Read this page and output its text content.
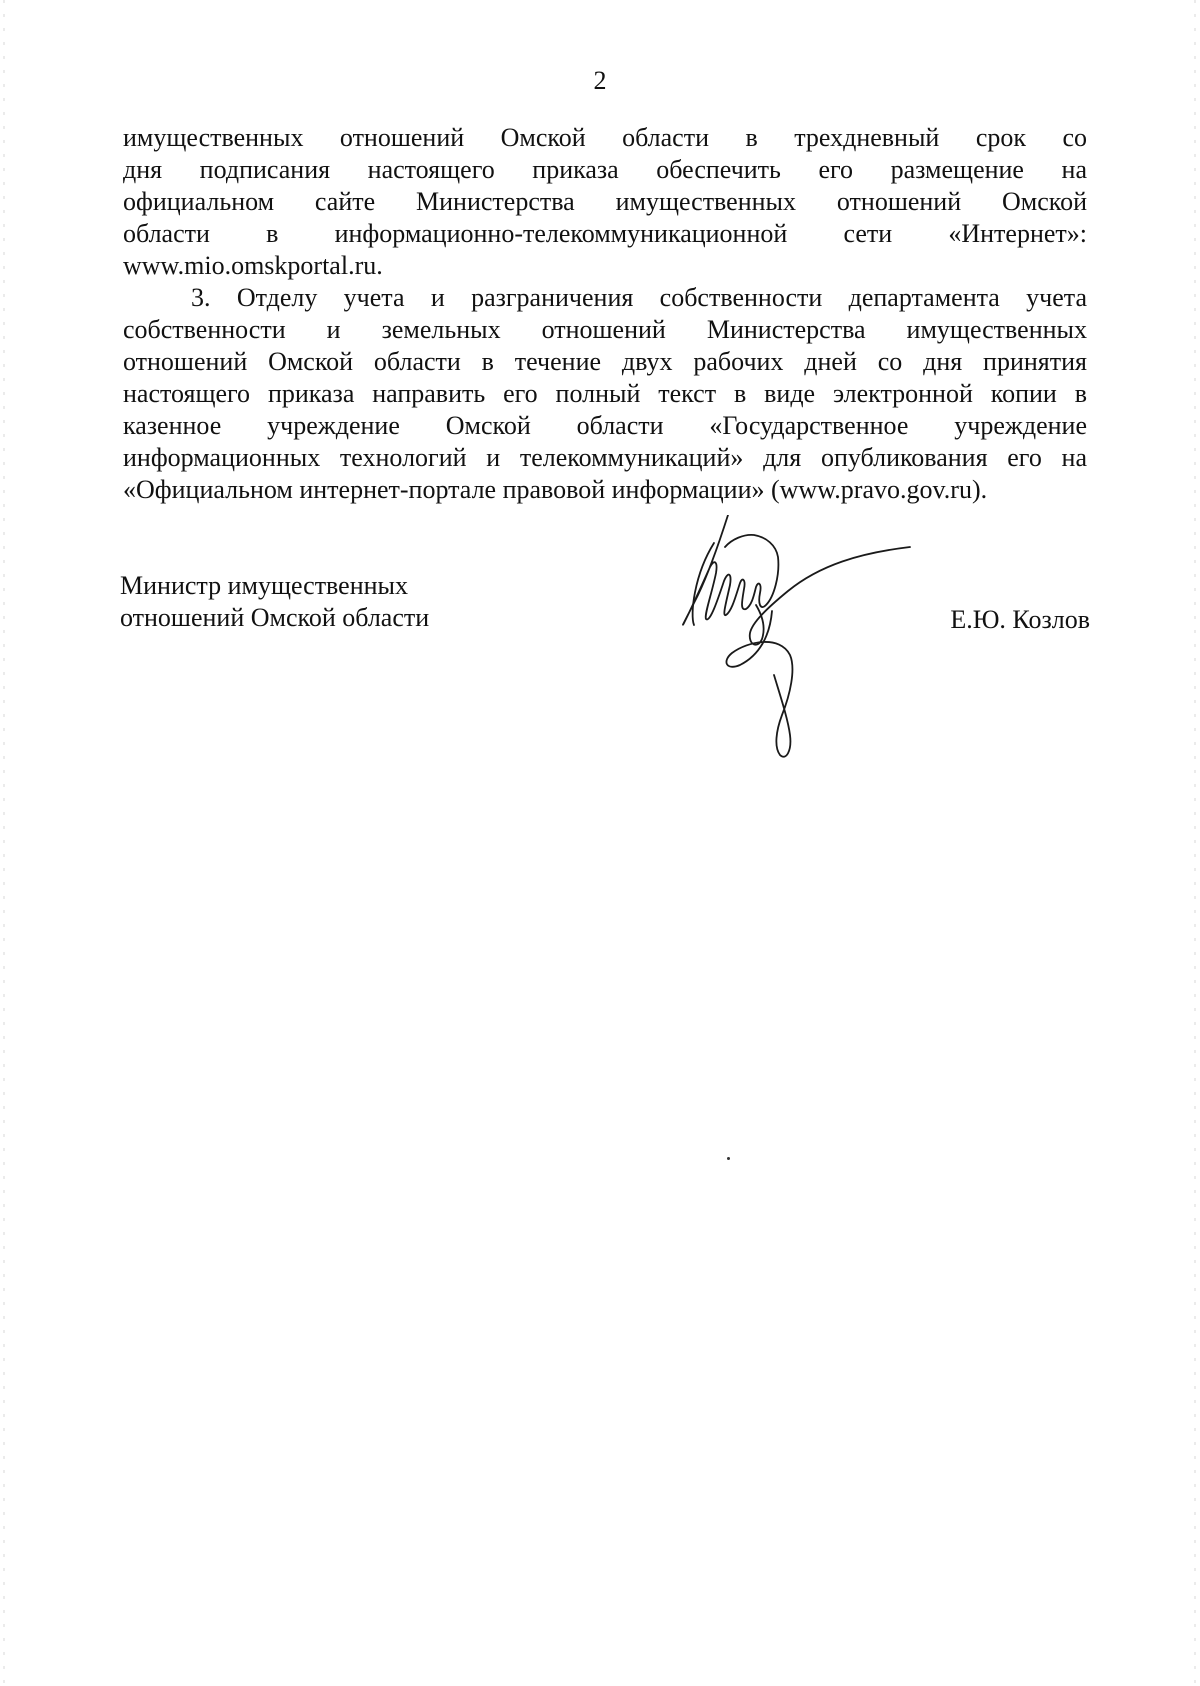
2
имущественных отношений Омской области в трехдневный срок со
дня подписания настоящего приказа обеспечить его размещение на
официальном сайте Министерства имущественных отношений Омской
области в информационно-телекоммуникационной сети «Интернет»:
www.mio.omskportal.ru.
3. Отделу учета и разграничения собственности департамента учета
собственности и земельных отношений Министерства имущественных
отношений Омской области в течение двух рабочих дней со дня принятия
настоящего приказа направить его полный текст в виде электронной копии в
казенное учреждение Омской области «Государственное учреждение
информационных технологий и телекоммуникаций» для опубликования его на
«Официальном интернет-портале правовой информации» (www.pravo.gov.ru).
Министр имущественных
отношений Омской области	Е.Ю. Козлов
